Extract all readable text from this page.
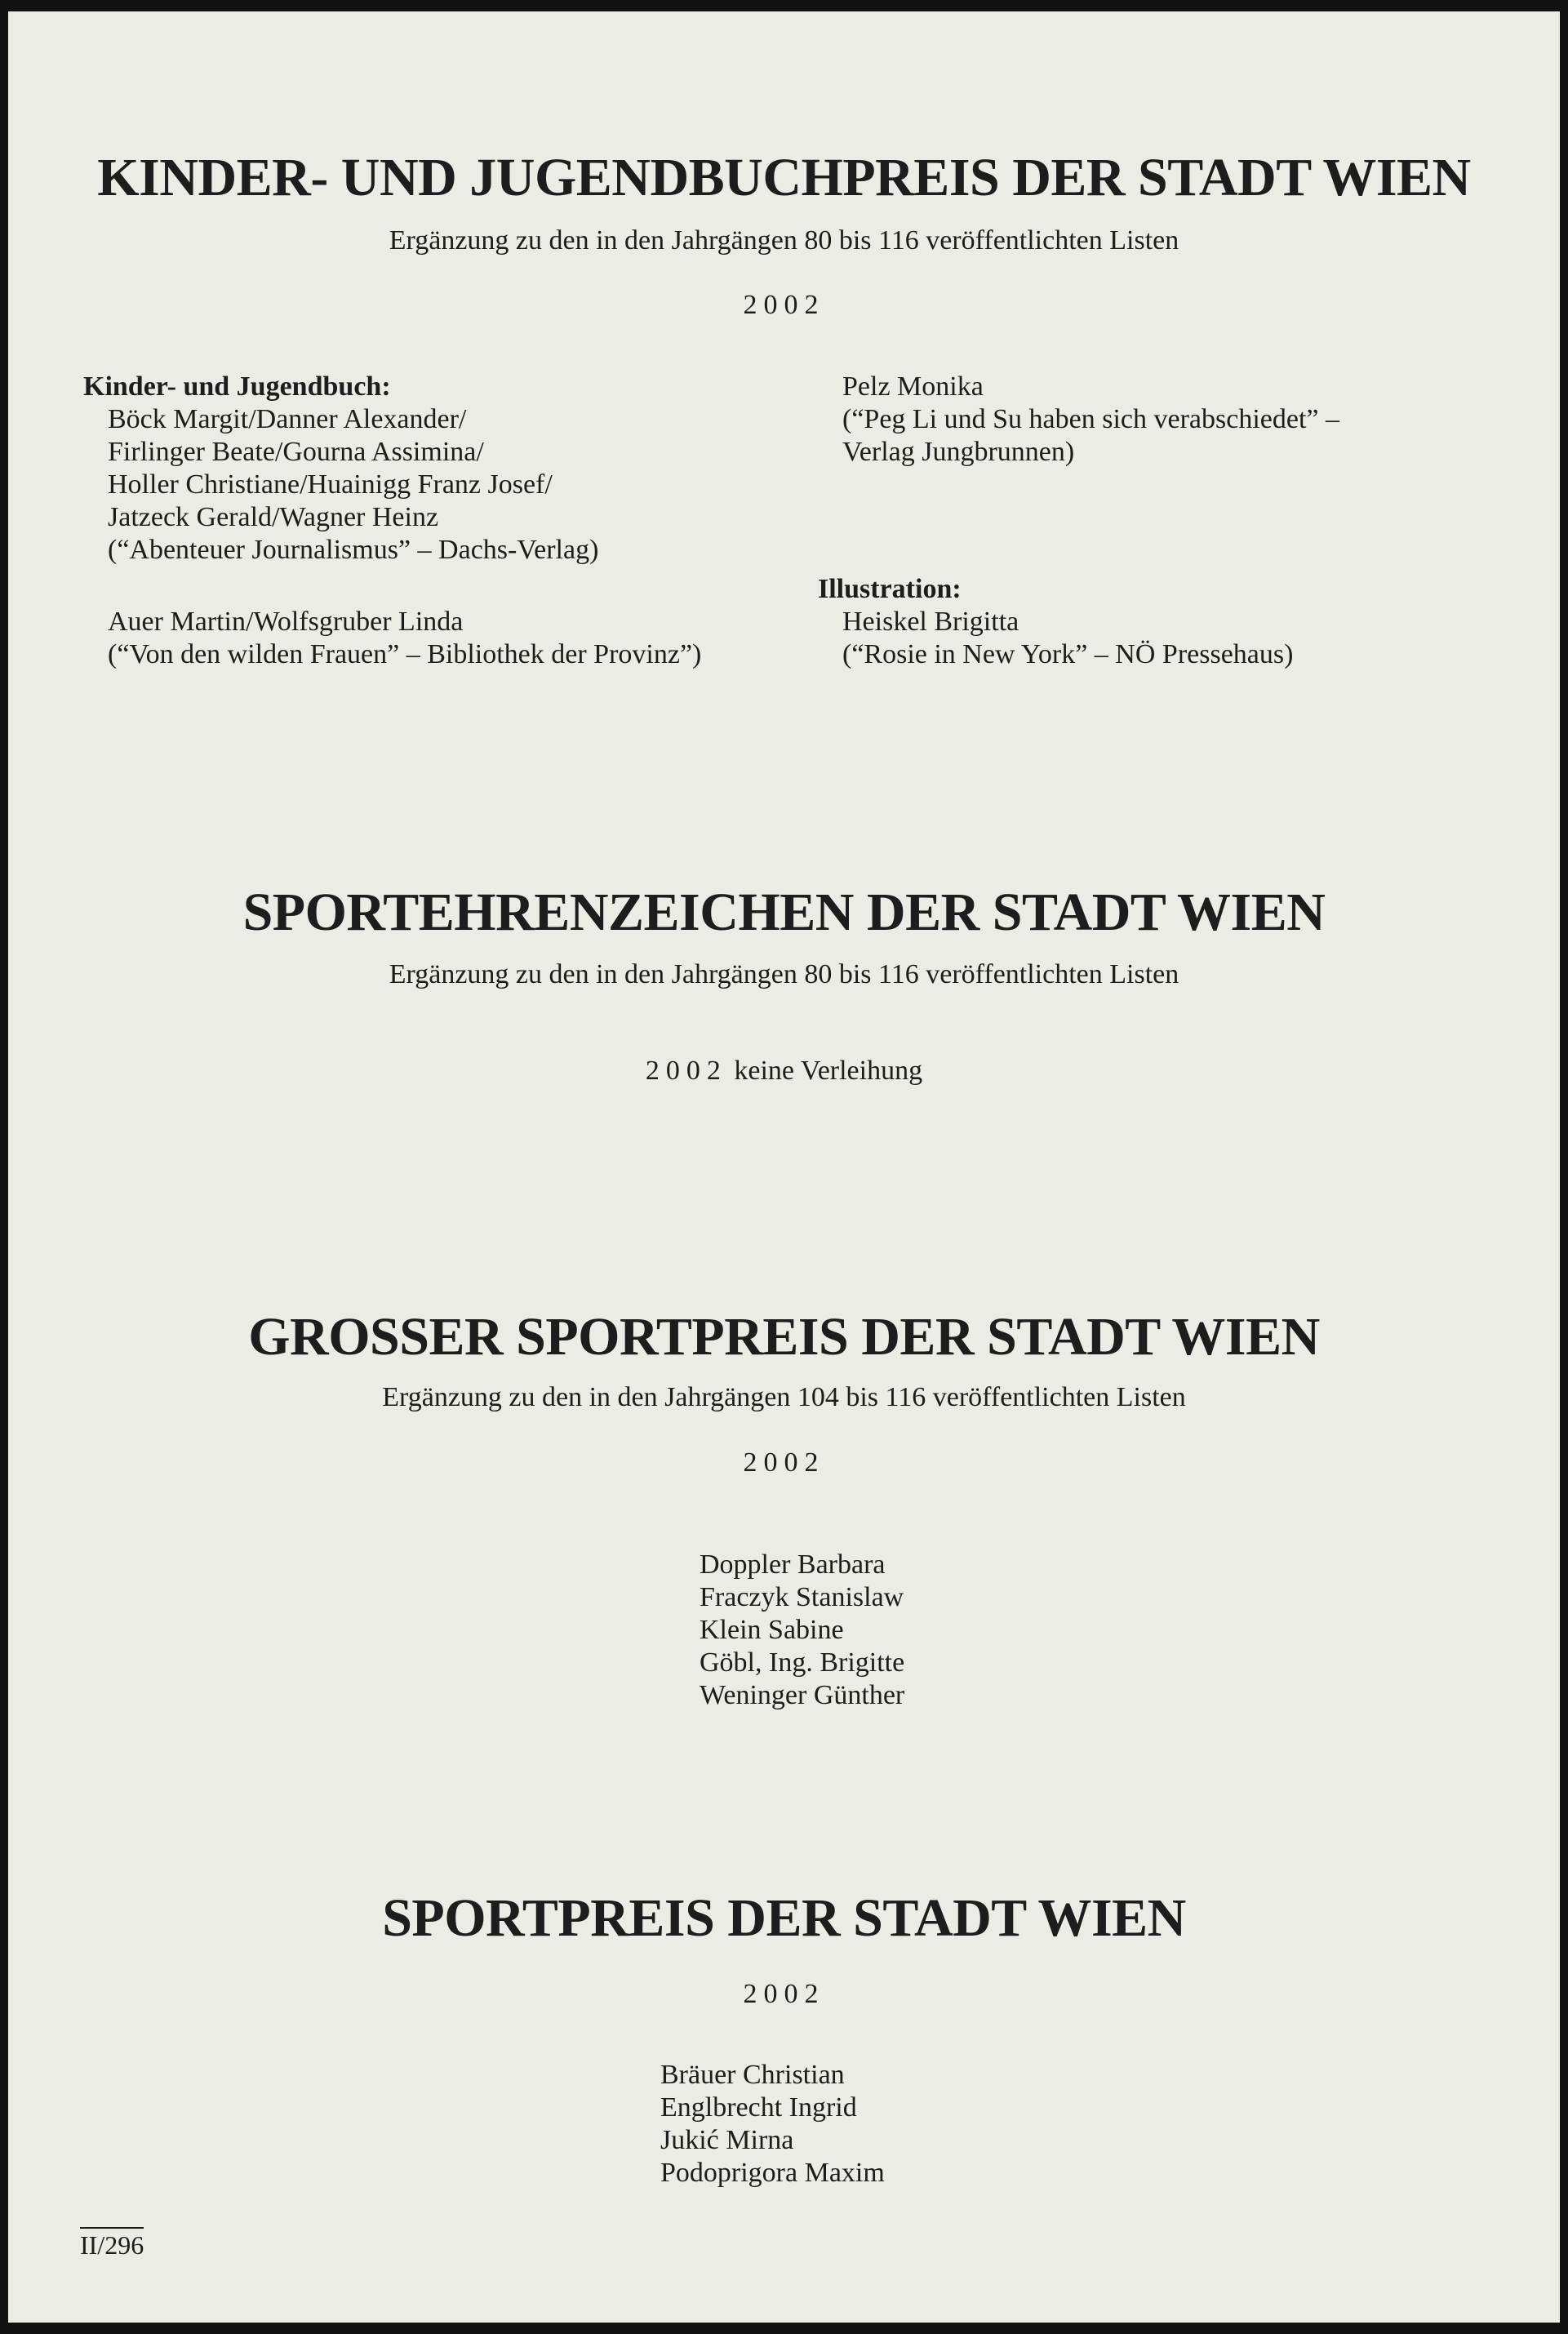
KINDER- UND JUGENDBUCHPREIS DER STADT WIEN
Ergänzung zu den in den Jahrgängen 80 bis 116 veröffentlichten Listen
2002
Kinder- und Jugendbuch:
Böck Margit/Danner Alexander/
Firlinger Beate/Gourna Assimina/
Holler Christiane/Huainigg Franz Josef/
Jatzeck Gerald/Wagner Heinz
(“Abenteuer Journalismus” – Dachs-Verlag)
Auer Martin/Wolfsgruber Linda
(“Von den wilden Frauen” – Bibliothek der Provinz”)
Pelz Monika
(“Peg Li und Su haben sich verabschiedet” –
Verlag Jungbrunnen)
Illustration:
Heiskel Brigitta
(“Rosie in New York” – NÖ Pressehaus)
SPORTEHRENZEICHEN DER STADT WIEN
Ergänzung zu den in den Jahrgängen 80 bis 116 veröffentlichten Listen
2002 keine Verleihung
GROSSER SPORTPREIS DER STADT WIEN
Ergänzung zu den in den Jahrgängen 104 bis 116 veröffentlichten Listen
2002
Doppler Barbara
Fraczyk Stanislaw
Klein Sabine
Göbl, Ing. Brigitte
Weninger Günther
SPORTPREIS DER STADT WIEN
2002
Bräuer Christian
Englbrecht Ingrid
Jukić Mirna
Podoprigora Maxim
II/296
